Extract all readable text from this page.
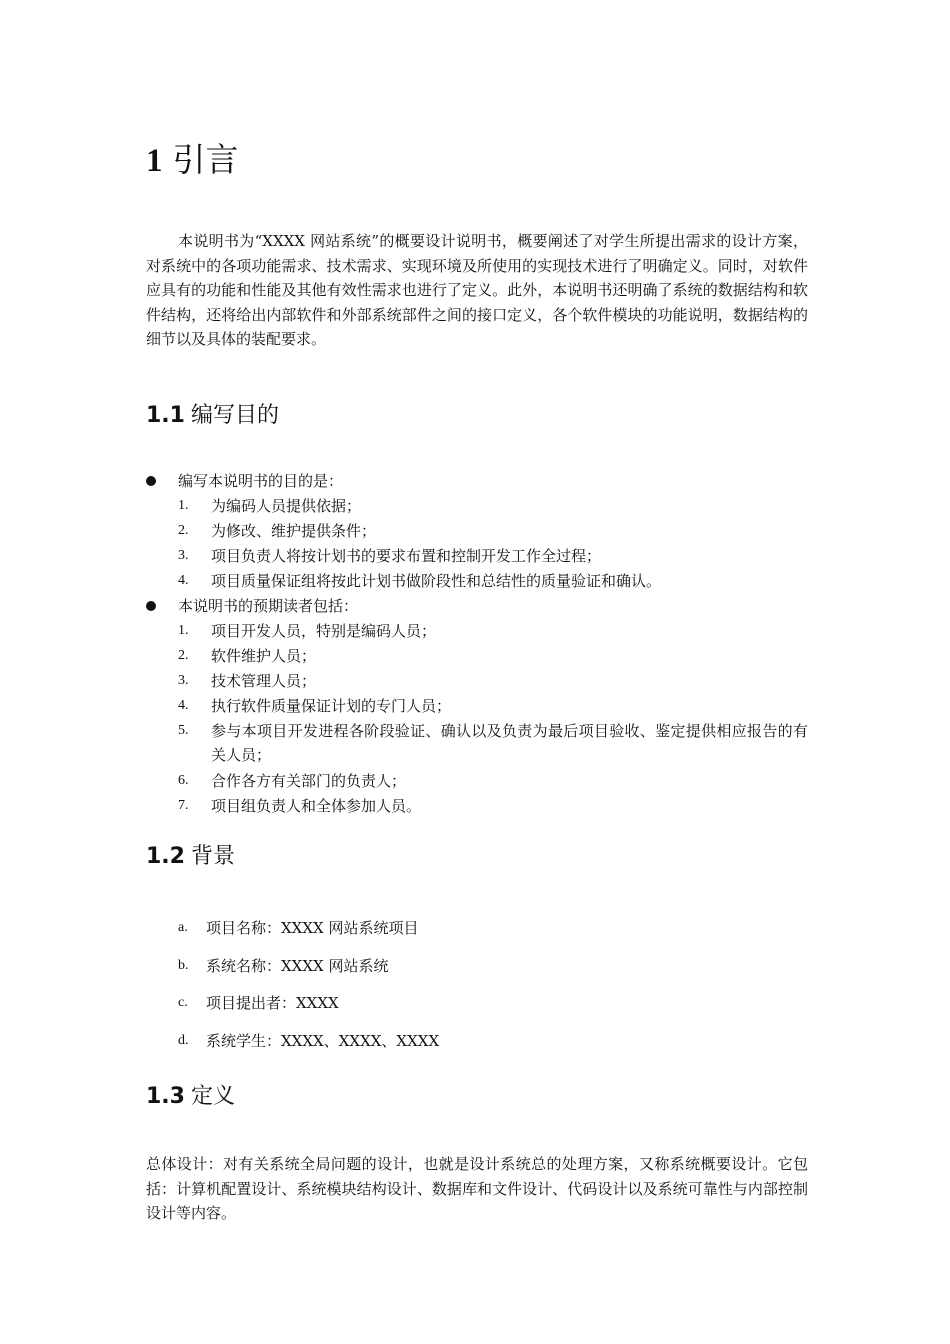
1 引言
本说明书为“XXXX 网站系统”的概要设计说明书，概要阐述了对学生所提出需求的设计方案，对系统中的各项功能需求、技术需求、实现环境及所使用的实现技术进行了明确定义。同时，对软件应具有的功能和性能及其他有效性需求也进行了定义。此外，本说明书还明确了系统的数据结构和软件结构，还将给出内部软件和外部系统部件之间的接口定义，各个软件模块的功能说明，数据结构的细节以及具体的装配要求。
1.1 编写目的
编写本说明书的目的是：
1. 为编码人员提供依据；
2. 为修改、维护提供条件；
3. 项目负责人将按计划书的要求布置和控制开发工作全过程；
4. 项目质量保证组将按此计划书做阶段性和总结性的质量验证和确认。
本说明书的预期读者包括：
1. 项目开发人员，特别是编码人员；
2. 软件维护人员；
3. 技术管理人员；
4. 执行软件质量保证计划的专门人员；
5. 参与本项目开发进程各阶段验证、确认以及负责为最后项目验收、鉴定提供相应报告的有关人员；
6. 合作各方有关部门的负责人；
7. 项目组负责人和全体参加人员。
1.2 背景
a. 项目名称：XXXX 网站系统项目
b. 系统名称：XXXX 网站系统
c. 项目提出者：XXXX
d. 系统学生：XXXX、XXXX、XXXX
1.3 定义
总体设计：对有关系统全局问题的设计，也就是设计系统总的处理方案，又称系统概要设计。它包括：计算机配置设计、系统模块结构设计、数据库和文件设计、代码设计以及系统可靠性与内部控制设计等内容。
